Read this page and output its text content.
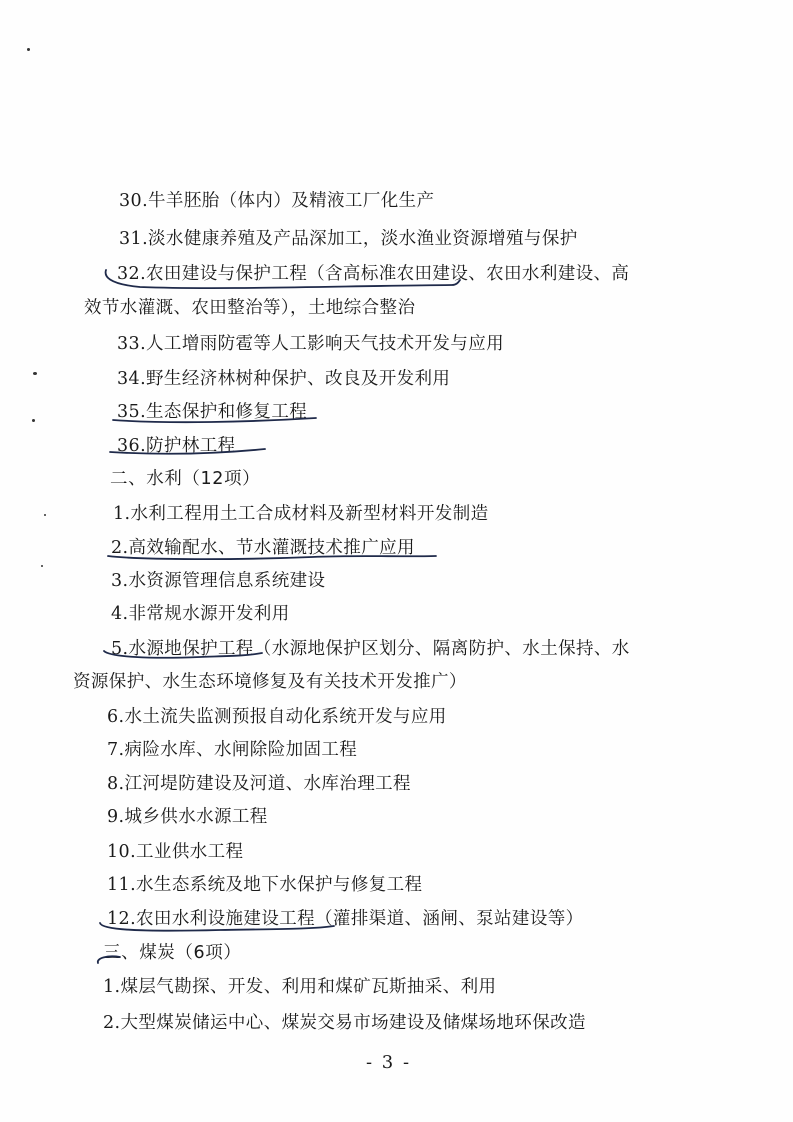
30.牛羊胚胎（体内）及精液工厂化生产
31.淡水健康养殖及产品深加工，淡水渔业资源增殖与保护
32.农田建设与保护工程（含高标准农田建设、农田水利建设、高
效节水灌溉、农田整治等），土地综合整治
33.人工增雨防雹等人工影响天气技术开发与应用
34.野生经济林树种保护、改良及开发利用
35.生态保护和修复工程
36.防护林工程
二、水利（12项）
1.水利工程用土工合成材料及新型材料开发制造
2.高效输配水、节水灌溉技术推广应用
3.水资源管理信息系统建设
4.非常规水源开发利用
5.水源地保护工程（水源地保护区划分、隔离防护、水土保持、水
资源保护、水生态环境修复及有关技术开发推广）
6.水土流失监测预报自动化系统开发与应用
7.病险水库、水闸除险加固工程
8.江河堤防建设及河道、水库治理工程
9.城乡供水水源工程
10.工业供水工程
11.水生态系统及地下水保护与修复工程
12.农田水利设施建设工程（灌排渠道、涵闸、泵站建设等）
三、煤炭（6项）
1.煤层气勘探、开发、利用和煤矿瓦斯抽采、利用
2.大型煤炭储运中心、煤炭交易市场建设及储煤场地环保改造
- 3 -
